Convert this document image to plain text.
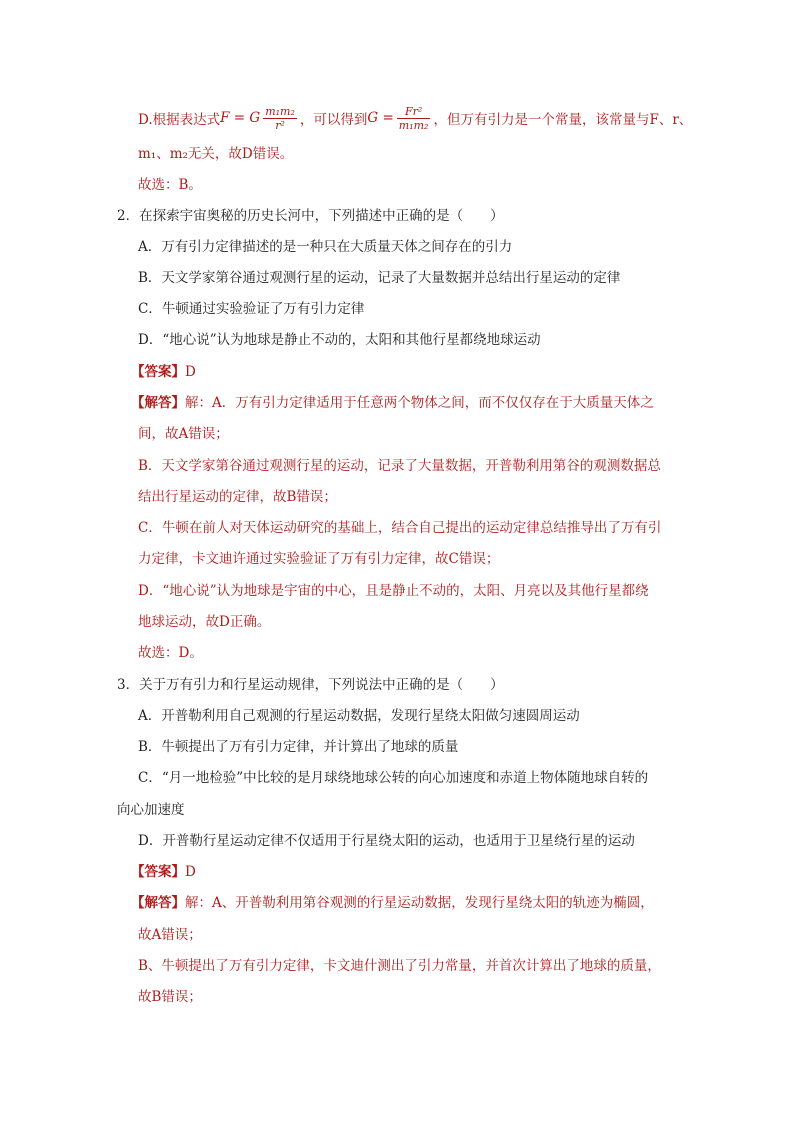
D.根据表达式 F = G $\frac{\text{m₁m₂}}{\text{r²}}$ ，可以得到 $G = \frac{\text{Fr²}}{\text{m₁m₂}}$ ，但万有引力是一个常量，该常量与F、r、
m₁、m₂无关，故D错误。
故选：B。
2．在探索宇宙奥秘的历史长河中，下列描述中正确的是（　　）
A．万有引力定律描述的是一种只在大质量天体之间存在的引力
B．天文学家第谷通过观测行星的运动，记录了大量数据并总结出行星运动的定律
C．牛顿通过实验验证了万有引力定律
D．“地心说”认为地球是静止不动的，太阳和其他行星都绕地球运动
【答案】D
【解答】解：A．万有引力定律适用于任意两个物体之间，而不仅仅存在于大质量天体之
间，故A错误；
B．天文学家第谷通过观测行星的运动，记录了大量数据，开普勒利用第谷的观测数据总
结出行星运动的定律，故B错误；
C．牛顿在前人对天体运动研究的基础上，结合自己提出的运动定律总结推导出了万有引
力定律，卡文迪许通过实验验证了万有引力定律，故C错误；
D．“地心说”认为地球是宇宙的中心，且是静止不动的，太阳、月亮以及其他行星都绕
地球运动，故D正确。
故选：D。
3．关于万有引力和行星运动规律，下列说法中正确的是（　　）
A．开普勒利用自己观测的行星运动数据，发现行星绕太阳做匀速圆周运动
B．牛顿提出了万有引力定律，并计算出了地球的质量
C．“月一地检验”中比较的是月球绕地球公转的向心加速度和赤道上物体随地球自转的
向心加速度
D．开普勒行星运动定律不仅适用于行星绕太阳的运动，也适用于卫星绕行星的运动
【答案】D
【解答】解：A、开普勒利用第谷观测的行星运动数据，发现行星绕太阳的轨迹为椭圆，
故A错误；
B、牛顿提出了万有引力定律，卡文迪什测出了引力常量，并首次计算出了地球的质量，
故B错误；
